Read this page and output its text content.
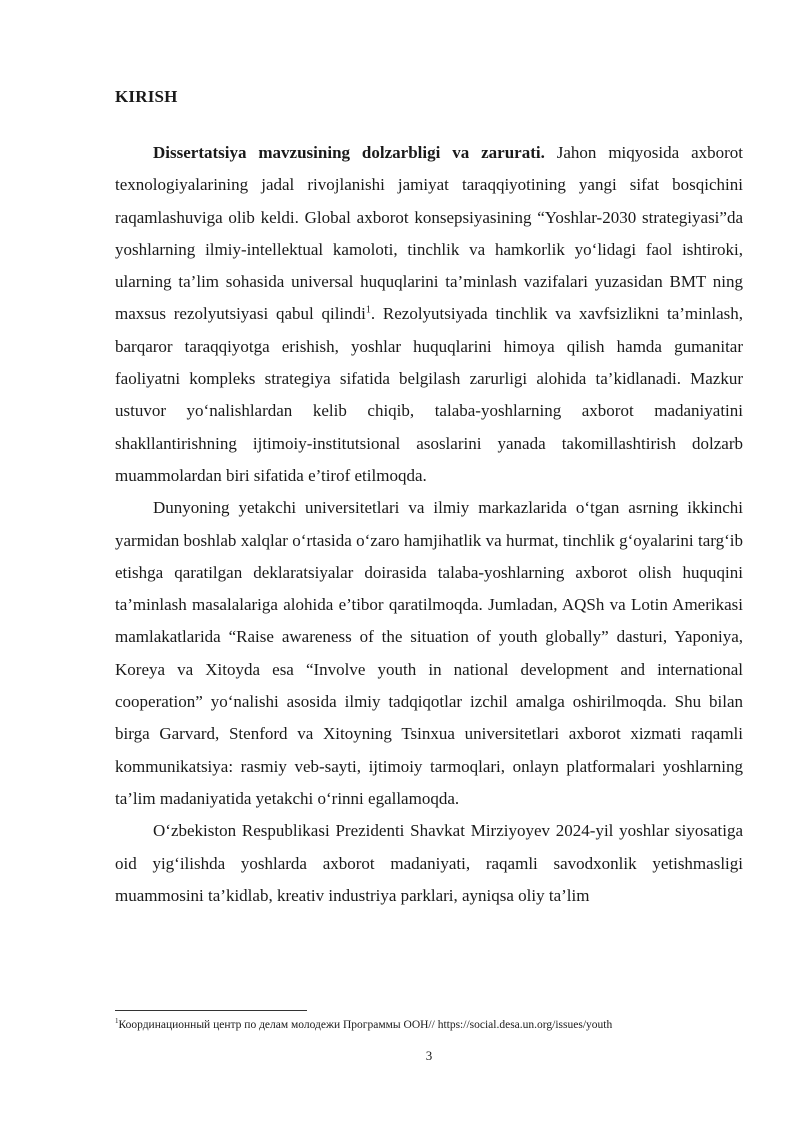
KIRISH

Dissertatsiya mavzusining dolzarbligi va zarurati. Jahon miqyosida axborot texnologiyalarining jadal rivojlanishi jamiyat taraqqiyotining yangi sifat bosqichini raqamlashuviga olib keldi. Global axborot konsepsiyasining “Yoshlar-2030 strategiyasi”da yoshlarning ilmiy-intellektual kamoloti, tinchlik va hamkorlik yo‘lidagi faol ishtiroki, ularning ta’lim sohasida universal huquqlarini ta’minlash vazifalari yuzasidan BMT ning maxsus rezolyutsiyasi qabul qilindi$^1$. Rezolyutsiyada tinchlik va xavfsizlikni ta’minlash, barqaror taraqqiyotga erishish, yoshlar huquqlarini himoya qilish hamda gumanitar faoliyatni kompleks strategiya sifatida belgilash zarurligi alohida ta’kidlanadi. Mazkur ustuvor yo‘nalishlardan kelib chiqib, talaba-yoshlarning axborot madaniyatini shakllantirishning ijtimoiy-institutsional asoslarini yanada takomillashtirish dolzarb muammolardan biri sifatida e’tirof etilmoqda.

Dunyoning yetakchi universitetlari va ilmiy markazlarida o‘tgan asrning ikkinchi yarmidan boshlab xalqlar o‘rtasida o‘zaro hamjihatlik va hurmat, tinchlik g‘oyalarini targ‘ib etishga qaratilgan deklaratsiyalar doirasida talaba-yoshlarning axborot olish huquqini ta’minlash masalalariga alohida e’tibor qaratilmoqda. Jumladan, AQSh va Lotin Amerikasi mamlakatlarida “Raise awareness of the situation of youth globally” dasturi, Yaponiya, Koreya va Xitoyda esa “Involve youth in national development and international cooperation” yo‘nalishi asosida ilmiy tadqiqotlar izchil amalga oshirilmoqda. Shu bilan birga Garvard, Stenford va Xitoyning Tsinxua universitetlari axborot xizmati raqamli kommunikatsiya: rasmiy veb-sayti, ijtimoiy tarmoqlari, onlayn platformalari yoshlarning ta’lim madaniyatida yetakchi o‘rinni egallamoqda.

O‘zbekiston Respublikasi Prezidenti Shavkat Mirziyoyev 2024-yil yoshlar siyosatiga oid yig‘ilishda yoshlarda axborot madaniyati, raqamli savodxonlik yetishmasligi muammosini ta’kidlab, kreativ industriya parklari, ayniqsa oliy ta’lim

$^1$Координационный центр по делам молодежи Программы ООН// https://social.desa.un.org/issues/youth
3
